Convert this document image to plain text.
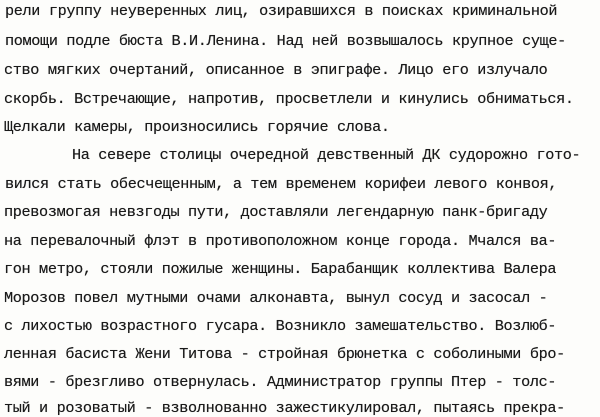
рели группу неуверенных лиц, озиравшихся в поисках криминальной

помощи подле бюста В.И.Ленина. Над ней возвышалось крупное суще-

ство мягких очертаний, описанное в эпиграфе. Лицо его излучало

скорбь. Встречающие, напротив, просветлели и кинулись обниматься.

Щелкали камеры, произносились горячие слова.

На севере столицы очередной девственный ДК судорожно гото-

вился стать обесчещенным, а тем временем корифеи левого конвоя,

превозмогая невзгоды пути, доставляли легендарную панк-бригаду

на перевалочный флэт в противоположном конце города. Мчался ва-

гон метро, стояли пожилые женщины. Барабанщик коллектива Валера

Морозов повел мутными очами алконавта, вынул сосуд и засосал -

с лихостью возрастного гусара. Возникло замешательство. Возлюб-

ленная басиста Жени Титова - стройная брюнетка с соболиными бро-

вями - брезгливо отвернулась. Администратор группы Птер - толс-

тый и розоватый - взволнованно зажестикулировал, пытаясь прекра-
